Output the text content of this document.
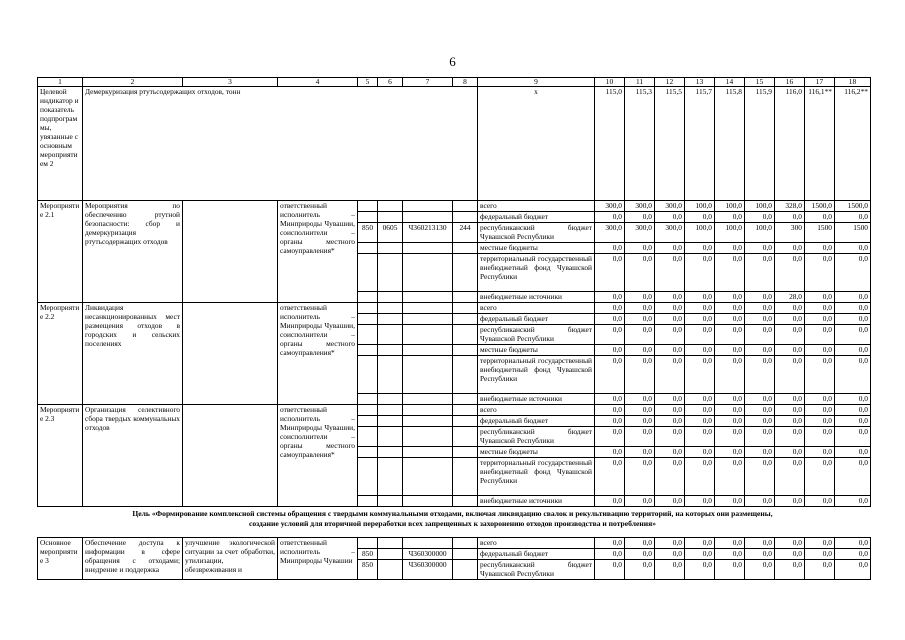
6
1	2	3	4	5	6	7	8	9	10	11	12	13	14	15	16	17	18
Целевой индикатор и показатель подпрограммы, увязанные с основным мероприятием 2	Демеркуризация ртутьсодержащих отходов, тонн							x	115,0	115,3	115,5	115,7	115,8	115,9	116,0	116,1**	116,2**
Мероприятие 2.1	Мероприятия по обеспечению ртутной безопасности: сбор и демеркуризация ртутьсодержащих отходов		ответственный исполнитель – Минприроды Чувашии, соисполнители – органы местного самоуправления*					всего	300,0	300,0	300,0	100,0	100,0	100,0	328,0	1500,0	1500,0
								федеральный бюджет	0,0	0,0	0,0	0,0	0,0	0,0	0,0	0,0	0,0
				850	0605	Ч360213130	244	республиканский бюджет Чувашской Республики	300,0	300,0	300,0	100,0	100,0	100,0	300	1500	1500
								местные бюджеты	0,0	0,0	0,0	0,0	0,0	0,0	0,0	0,0	0,0
								территориальный государственный внебюджетный фонд Чувашской Республики	0,0	0,0	0,0	0,0	0,0	0,0	0,0	0,0	0,0
								внебюджетные источники	0,0	0,0	0,0	0,0	0,0	0,0	28,0	0,0	0,0
Мероприятие 2.2	Ликвидация несанкционированных мест размещения отходов в городских и сельских поселениях		ответственный исполнитель – Минприроды Чувашии, соисполнители – органы местного самоуправления*					всего	0,0	0,0	0,0	0,0	0,0	0,0	0,0	0,0	0,0
								федеральный бюджет	0,0	0,0	0,0	0,0	0,0	0,0	0,0	0,0	0,0
								республиканский бюджет Чувашской Республики	0,0	0,0	0,0	0,0	0,0	0,0	0,0	0,0	0,0
								местные бюджеты	0,0	0,0	0,0	0,0	0,0	0,0	0,0	0,0	0,0
								территориальный государственный внебюджетный фонд Чувашской Республики	0,0	0,0	0,0	0,0	0,0	0,0	0,0	0,0	0,0
								внебюджетные источники	0,0	0,0	0,0	0,0	0,0	0,0	0,0	0,0	0,0
Мероприятие 2.3	Организация селективного сбора твердых коммунальных отходов		ответственный исполнитель – Минприроды Чувашии, соисполнители – органы местного самоуправления*					всего	0,0	0,0	0,0	0,0	0,0	0,0	0,0	0,0	0,0
								федеральный бюджет	0,0	0,0	0,0	0,0	0,0	0,0	0,0	0,0	0,0
								республиканский бюджет Чувашской Республики	0,0	0,0	0,0	0,0	0,0	0,0	0,0	0,0	0,0
								местные бюджеты	0,0	0,0	0,0	0,0	0,0	0,0	0,0	0,0	0,0
								территориальный государственный внебюджетный фонд Чувашской Республики	0,0	0,0	0,0	0,0	0,0	0,0	0,0	0,0	0,0
								внебюджетные источники	0,0	0,0	0,0	0,0	0,0	0,0	0,0	0,0	0,0
Цель «Формирование комплексной системы обращения с твердыми коммунальными отходами, включая ликвидацию свалок и рекультивацию территорий, на которых они размещены, создание условий для вторичной переработки всех запрещенных к захоронению отходов производства и потребления»
Основное мероприятие 3	Обеспечение доступа к информации в сфере обращения с отходами; внедрение и поддержка	улучшение экологической ситуации за счет обработки, утилизации, обезвреживания и	ответственный исполнитель – Минприроды Чувашии					всего	0,0	0,0	0,0	0,0	0,0	0,0	0,0	0,0	0,0
				850		Ч360300000		федеральный бюджет	0,0	0,0	0,0	0,0	0,0	0,0	0,0	0,0	0,0
				850		Ч360300000		республиканский бюджет Чувашской Республики	0,0	0,0	0,0	0,0	0,0	0,0	0,0	0,0	0,0
